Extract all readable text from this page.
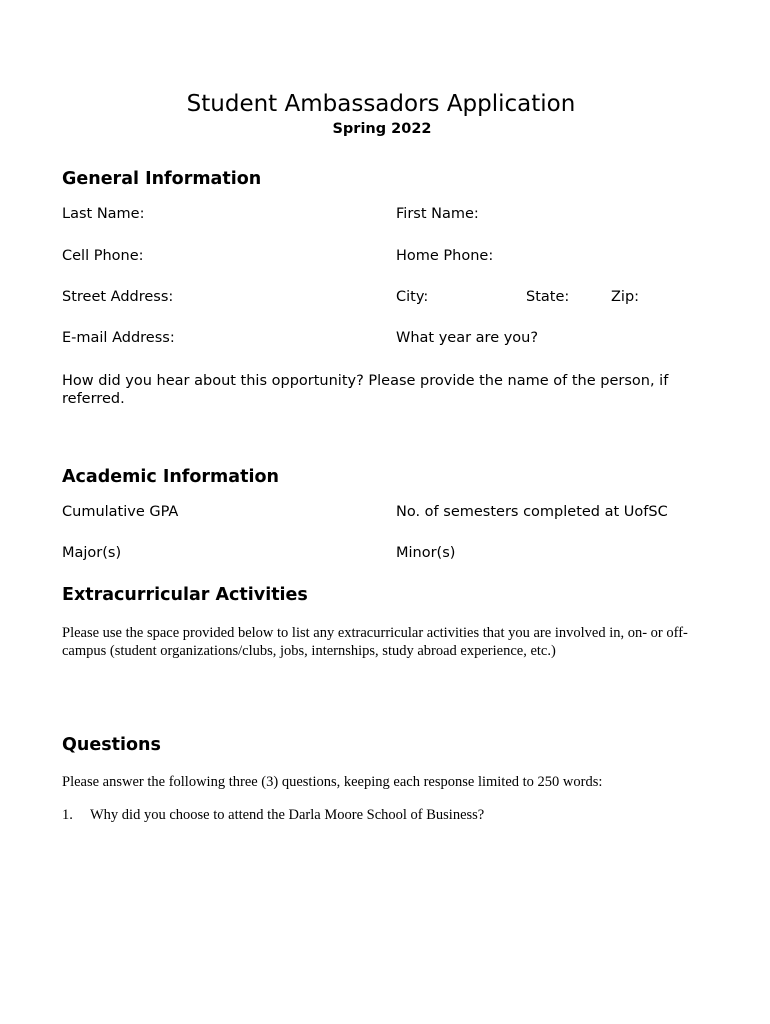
Student Ambassadors Application
Spring 2022
General Information
Last Name:	First Name:
Cell Phone:	Home Phone:
Street Address:	City:	State:	Zip:
E-mail Address:	What year are you?
How did you hear about this opportunity? Please provide the name of the person, if referred.
Academic Information
Cumulative GPA	No. of semesters completed at UofSC
Major(s)	Minor(s)
Extracurricular Activities
Please use the space provided below to list any extracurricular activities that you are involved in, on- or off-campus (student organizations/clubs, jobs, internships, study abroad experience, etc.)
Questions
Please answer the following three (3) questions, keeping each response limited to 250 words:
1.	Why did you choose to attend the Darla Moore School of Business?
